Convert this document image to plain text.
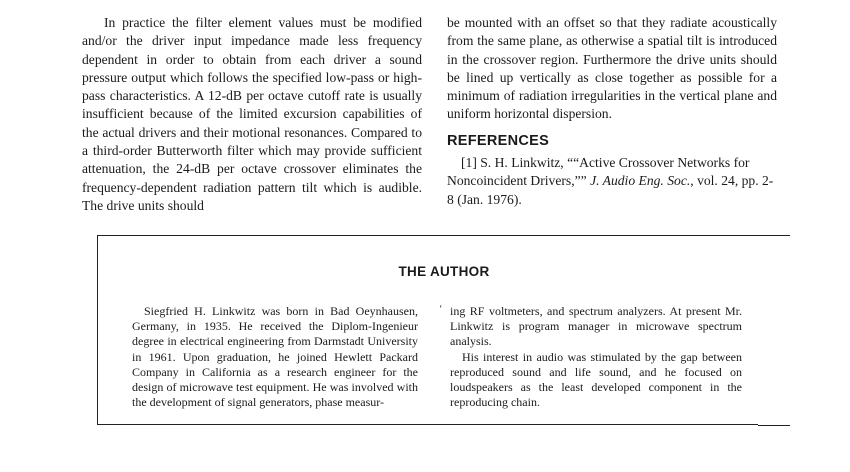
In practice the filter element values must be modified and/or the driver input impedance made less frequency dependent in order to obtain from each driver a sound pressure output which follows the specified low-pass or high-pass characteristics. A 12-dB per octave cutoff rate is usually insufficient because of the limited excursion capabilities of the actual drivers and their motional resonances. Compared to a third-order Butterworth filter which may provide sufficient attenuation, the 24-dB per octave crossover eliminates the frequency-dependent radiation pattern tilt which is audible. The drive units should

be mounted with an offset so that they radiate acoustically from the same plane, as otherwise a spatial tilt is introduced in the crossover region. Furthermore the drive units should be lined up vertically as close together as possible for a minimum of radiation irregularities in the vertical plane and uniform horizontal dispersion.

REFERENCES

[1] S. H. Linkwitz, ““Active Crossover Networks for Noncoincident Drivers,”” J. Audio Eng. Soc., vol. 24, pp. 2-8 (Jan. 1976).

THE AUTHOR

Siegfried H. Linkwitz was born in Bad Oeynhausen, Germany, in 1935. He received the Diplom-Ingenieur degree in electrical engineering from Darmstadt University in 1961. Upon graduation, he joined Hewlett Packard Company in California as a research engineer for the design of microwave test equipment. He was involved with the development of signal generators, phase measur-

‘ ing RF voltmeters, and spectrum analyzers. At present Mr. Linkwitz is program manager in microwave spectrum analysis.

His interest in audio was stimulated by the gap between reproduced sound and life sound, and he focused on loudspeakers as the least developed component in the reproducing chain.
